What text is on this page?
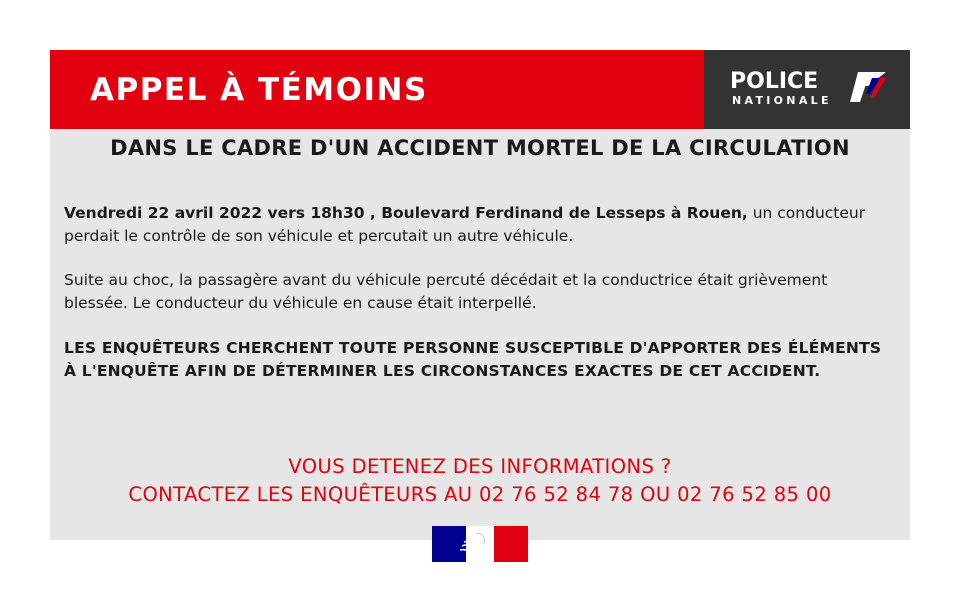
APPEL À TÉMOINS	POLICE
NATIONALE
DANS LE CADRE D'UN ACCIDENT MORTEL DE LA CIRCULATION
Vendredi 22 avril 2022 vers 18h30 , Boulevard Ferdinand de Lesseps à Rouen, un conducteur perdait le contrôle de son véhicule et percutait un autre véhicule.
Suite au choc, la passagère avant du véhicule percuté décédait et la conductrice était grièvement blessée. Le conducteur du véhicule en cause était interpellé.
LES ENQUÊTEURS CHERCHENT TOUTE PERSONNE SUSCEPTIBLE D'APPORTER DES ÉLÉMENTS À L'ENQUÊTE AFIN DE DÉTERMINER LES CIRCONSTANCES EXACTES DE CET ACCIDENT.
VOUS DETENEZ DES INFORMATIONS ?
CONTACTEZ LES ENQUÊTEURS AU 02 76 52 84 78 OU 02 76 52 85 00
